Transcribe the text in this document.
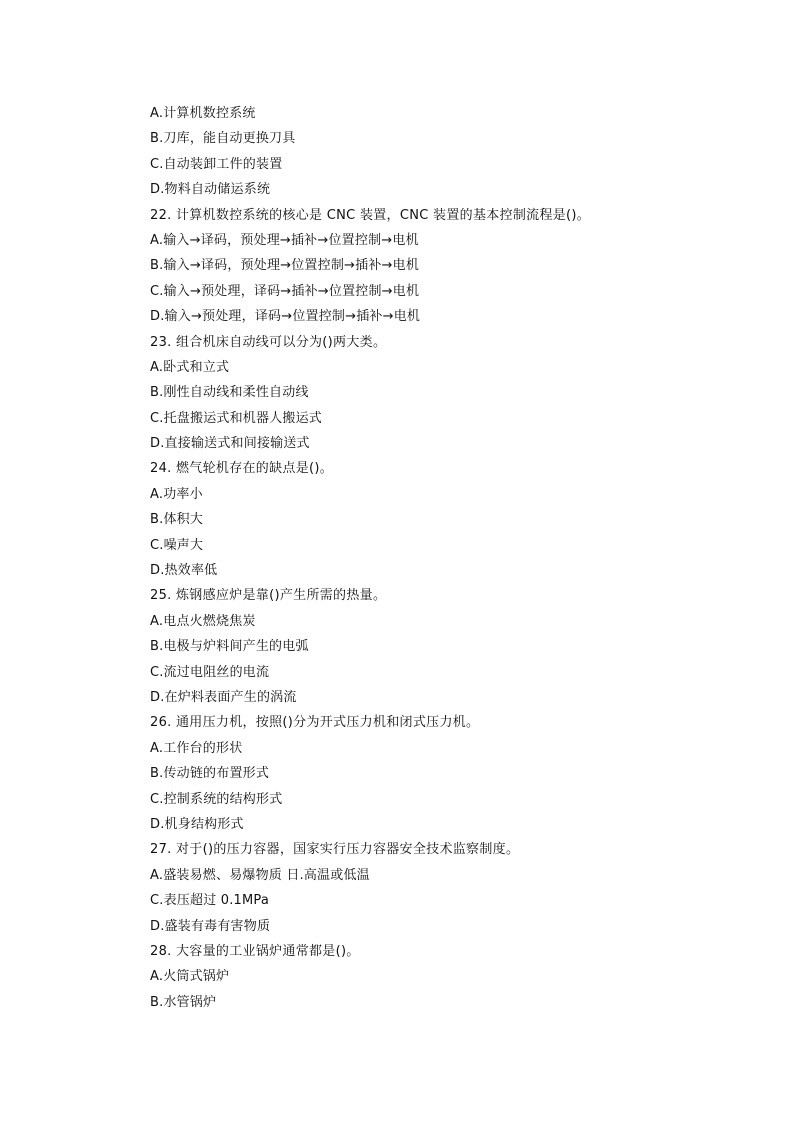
A.计算机数控系统
B.刀库，能自动更换刀具
C.自动装卸工件的装置
D.物料自动储运系统
22. 计算机数控系统的核心是 CNC 装置，CNC 装置的基本控制流程是()。
A.输入→译码，预处理→插补→位置控制→电机
B.输入→译码，预处理→位置控制→插补→电机
C.输入→预处理，译码→插补→位置控制→电机
D.输入→预处理，译码→位置控制→插补→电机
23. 组合机床自动线可以分为()两大类。
A.卧式和立式
B.刚性自动线和柔性自动线
C.托盘搬运式和机器人搬运式
D.直接输送式和间接输送式
24. 燃气轮机存在的缺点是()。
A.功率小
B.体积大
C.噪声大
D.热效率低
25. 炼钢感应炉是靠()产生所需的热量。
A.电点火燃烧焦炭
B.电极与炉料间产生的电弧
C.流过电阻丝的电流
D.在炉料表面产生的涡流
26. 通用压力机，按照()分为开式压力机和闭式压力机。
A.工作台的形状
B.传动链的布置形式
C.控制系统的结构形式
D.机身结构形式
27. 对于()的压力容器，国家实行压力容器安全技术监察制度。
A.盛装易燃、易爆物质 日.高温或低温
C.表压超过 0.1MPa
D.盛装有毒有害物质
28. 大容量的工业锅炉通常都是()。
A.火筒式锅炉
B.水管锅炉
